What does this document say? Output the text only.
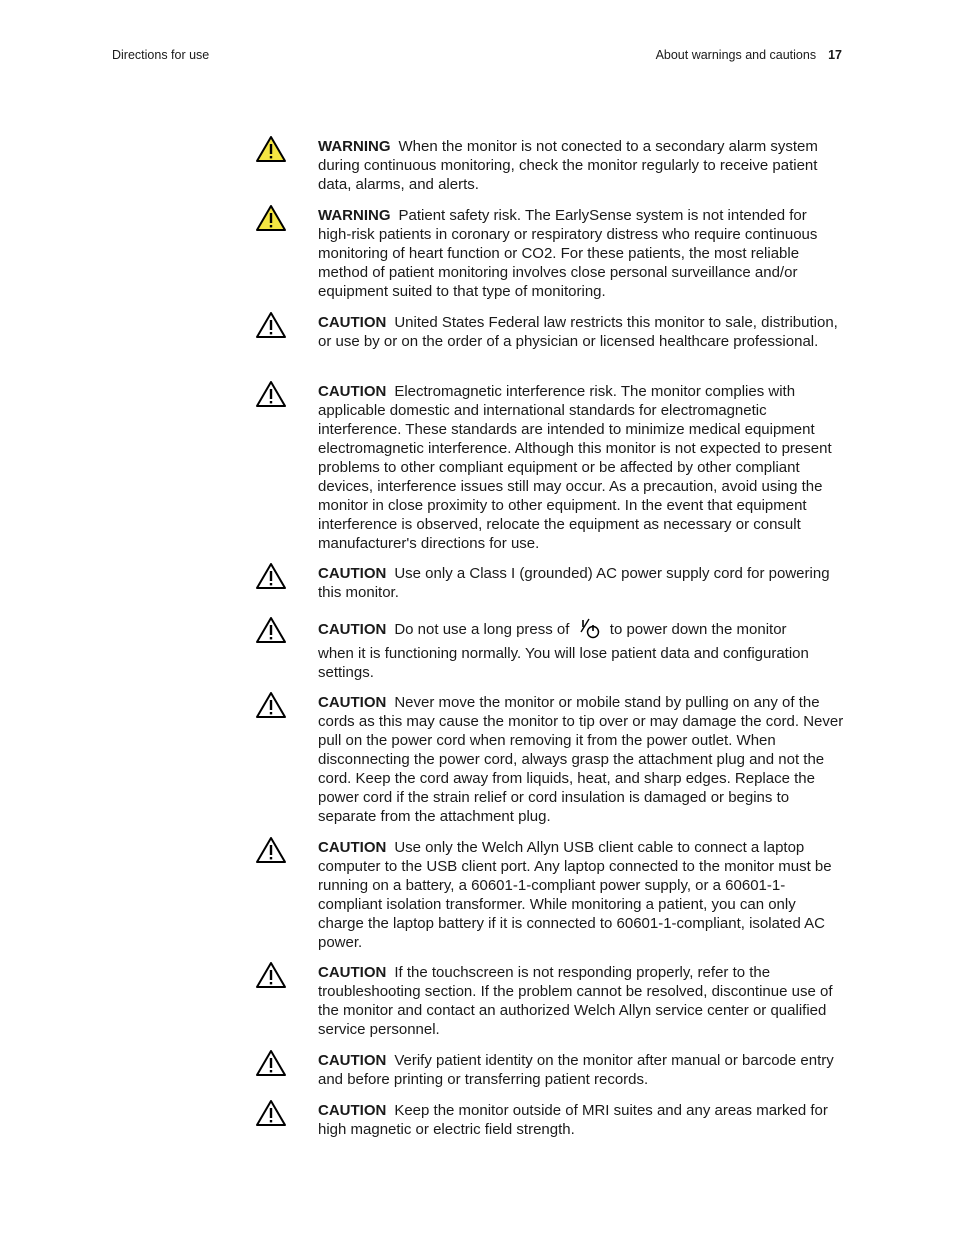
Directions for use	About warnings and cautions 17
WARNING When the monitor is not conected to a secondary alarm system during continuous monitoring, check the monitor regularly to receive patient data, alarms, and alerts.
WARNING Patient safety risk. The EarlySense system is not intended for high-risk patients in coronary or respiratory distress who require continuous monitoring of heart function or CO2. For these patients, the most reliable method of patient monitoring involves close personal surveillance and/or equipment suited to that type of monitoring.
CAUTION United States Federal law restricts this monitor to sale, distribution, or use by or on the order of a physician or licensed healthcare professional.
CAUTION Electromagnetic interference risk. The monitor complies with applicable domestic and international standards for electromagnetic interference. These standards are intended to minimize medical equipment electromagnetic interference. Although this monitor is not expected to present problems to other compliant equipment or be affected by other compliant devices, interference issues still may occur. As a precaution, avoid using the monitor in close proximity to other equipment. In the event that equipment interference is observed, relocate the equipment as necessary or consult manufacturer's directions for use.
CAUTION Use only a Class I (grounded) AC power supply cord for powering this monitor.
CAUTION Do not use a long press of	to power down the monitor
when it is functioning normally. You will lose patient data and configuration settings.
CAUTION Never move the monitor or mobile stand by pulling on any of the cords as this may cause the monitor to tip over or may damage the cord. Never pull on the power cord when removing it from the power outlet. When disconnecting the power cord, always grasp the attachment plug and not the cord. Keep the cord away from liquids, heat, and sharp edges. Replace the power cord if the strain relief or cord insulation is damaged or begins to separate from the attachment plug.
CAUTION Use only the Welch Allyn USB client cable to connect a laptop computer to the USB client port. Any laptop connected to the monitor must be running on a battery, a 60601-1-compliant power supply, or a 60601-1-compliant isolation transformer. While monitoring a patient, you can only charge the laptop battery if it is connected to 60601-1-compliant, isolated AC power.
CAUTION If the touchscreen is not responding properly, refer to the troubleshooting section. If the problem cannot be resolved, discontinue use of the monitor and contact an authorized Welch Allyn service center or qualified service personnel.
CAUTION Verify patient identity on the monitor after manual or barcode entry and before printing or transferring patient records.
CAUTION Keep the monitor outside of MRI suites and any areas marked for high magnetic or electric field strength.
